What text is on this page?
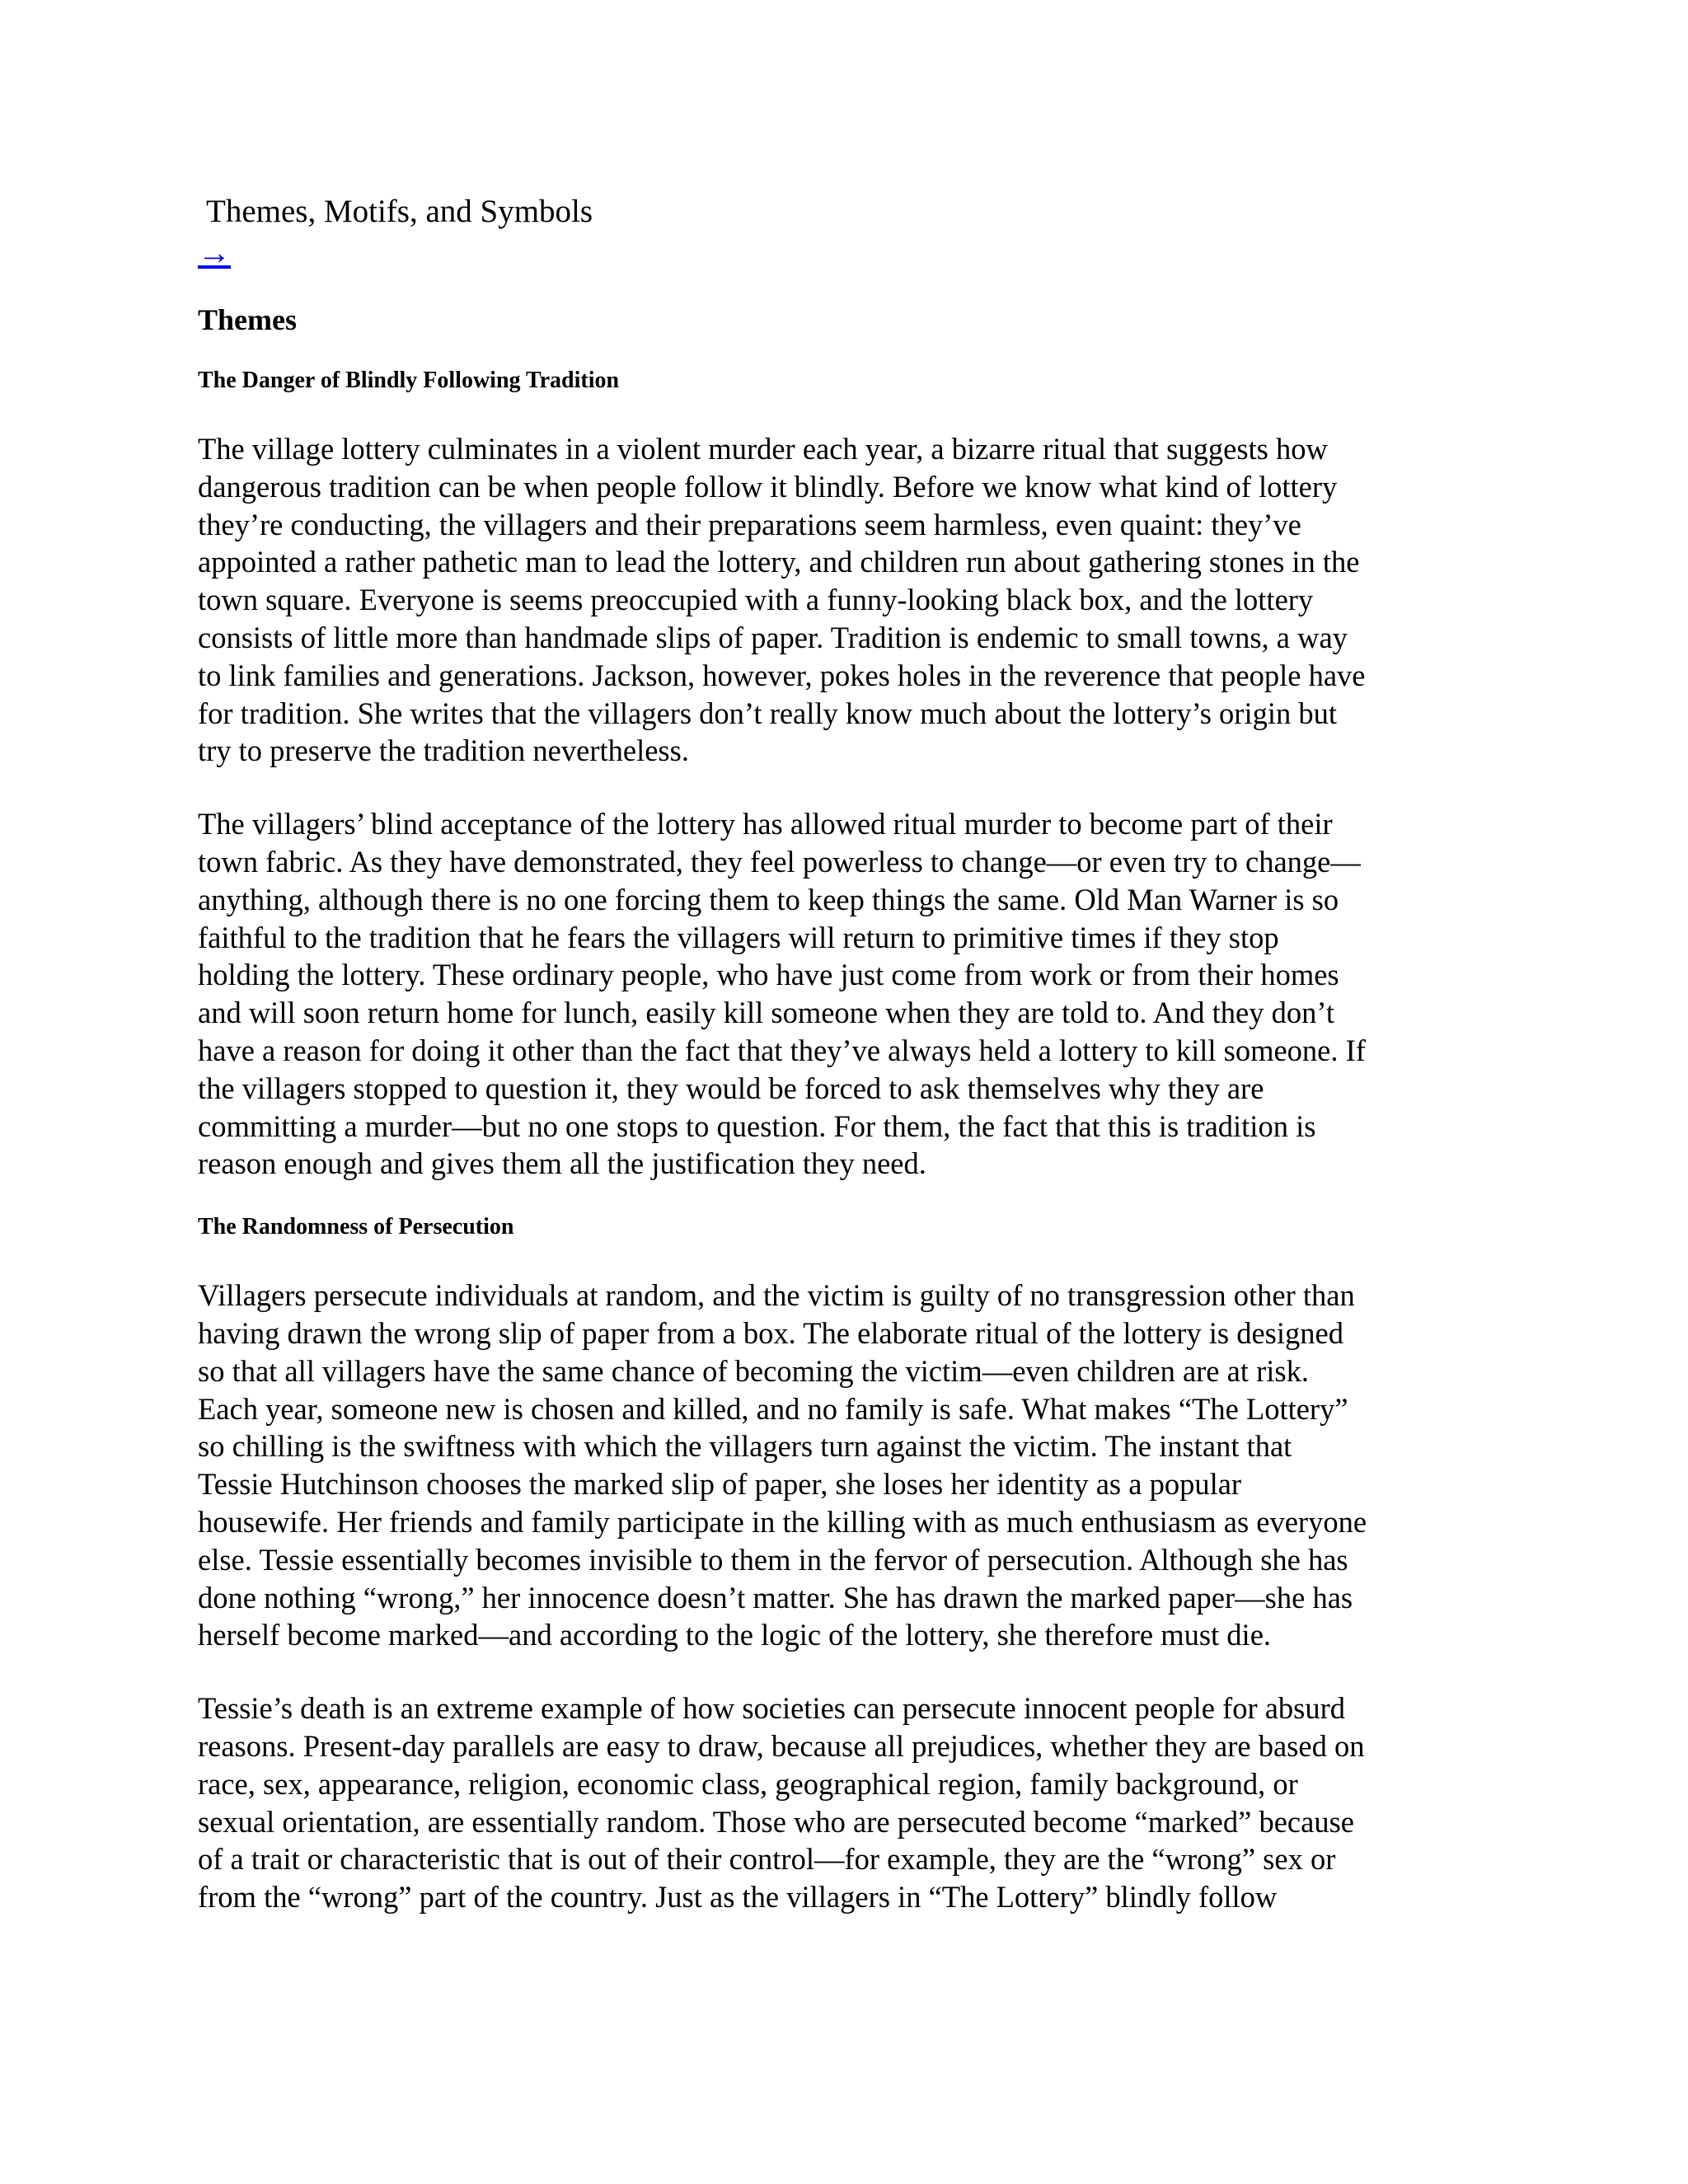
Themes, Motifs, and Symbols

→
Themes
The Danger of Blindly Following Tradition

The village lottery culminates in a violent murder each year, a bizarre ritual that suggests how
dangerous tradition can be when people follow it blindly. Before we know what kind of lottery
they’re conducting, the villagers and their preparations seem harmless, even quaint: they’ve
appointed a rather pathetic man to lead the lottery, and children run about gathering stones in the
town square. Everyone is seems preoccupied with a funny-looking black box, and the lottery
consists of little more than handmade slips of paper. Tradition is endemic to small towns, a way
to link families and generations. Jackson, however, pokes holes in the reverence that people have
for tradition. She writes that the villagers don’t really know much about the lottery’s origin but
try to preserve the tradition nevertheless.

The villagers’ blind acceptance of the lottery has allowed ritual murder to become part of their
town fabric. As they have demonstrated, they feel powerless to change—or even try to change—
anything, although there is no one forcing them to keep things the same. Old Man Warner is so
faithful to the tradition that he fears the villagers will return to primitive times if they stop
holding the lottery. These ordinary people, who have just come from work or from their homes
and will soon return home for lunch, easily kill someone when they are told to. And they don’t
have a reason for doing it other than the fact that they’ve always held a lottery to kill someone. If
the villagers stopped to question it, they would be forced to ask themselves why they are
committing a murder—but no one stops to question. For them, the fact that this is tradition is
reason enough and gives them all the justification they need.

The Randomness of Persecution

Villagers persecute individuals at random, and the victim is guilty of no transgression other than
having drawn the wrong slip of paper from a box. The elaborate ritual of the lottery is designed
so that all villagers have the same chance of becoming the victim—even children are at risk.
Each year, someone new is chosen and killed, and no family is safe. What makes “The Lottery”
so chilling is the swiftness with which the villagers turn against the victim. The instant that
Tessie Hutchinson chooses the marked slip of paper, she loses her identity as a popular
housewife. Her friends and family participate in the killing with as much enthusiasm as everyone
else. Tessie essentially becomes invisible to them in the fervor of persecution. Although she has
done nothing “wrong,” her innocence doesn’t matter. She has drawn the marked paper—she has
herself become marked—and according to the logic of the lottery, she therefore must die.

Tessie’s death is an extreme example of how societies can persecute innocent people for absurd
reasons. Present-day parallels are easy to draw, because all prejudices, whether they are based on
race, sex, appearance, religion, economic class, geographical region, family background, or
sexual orientation, are essentially random. Those who are persecuted become “marked” because
of a trait or characteristic that is out of their control—for example, they are the “wrong” sex or
from the “wrong” part of the country. Just as the villagers in “The Lottery” blindly follow
